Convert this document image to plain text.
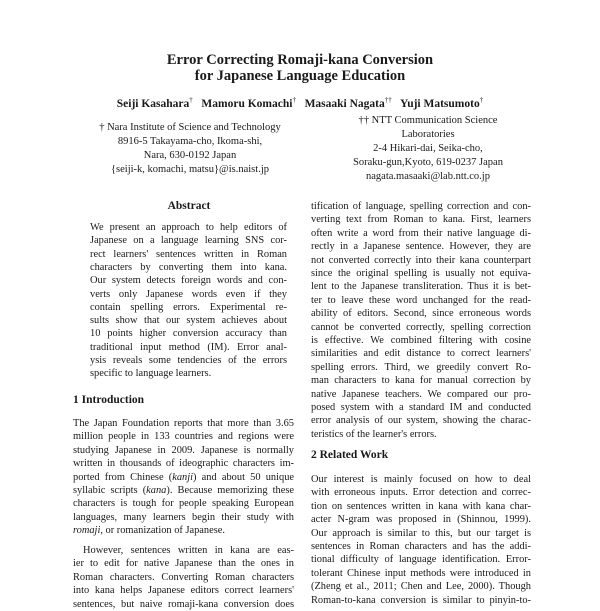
Error Correcting Romaji-kana Conversion
for Japanese Language Education
Seiji Kasahara† Mamoru Komachi† Masaaki Nagata†† Yuji Matsumoto†
† Nara Institute of Science and Technology
8916-5 Takayama-cho, Ikoma-shi,
Nara, 630-0192 Japan
{seiji-k, komachi, matsu}@is.naist.jp
†† NTT Communication Science
Laboratories
2-4 Hikari-dai, Seika-cho,
Soraku-gun,Kyoto, 619-0237 Japan
nagata.masaaki@lab.ntt.co.jp
Abstract
We present an approach to help editors of
Japanese on a language learning SNS cor-
rect learners' sentences written in Roman
characters by converting them into kana.
Our system detects foreign words and con-
verts only Japanese words even if they
contain spelling errors. Experimental re-
sults show that our system achieves about
10 points higher conversion accuracy than
traditional input method (IM). Error anal-
ysis reveals some tendencies of the errors
specific to language learners.
1 Introduction
The Japan Foundation reports that more than 3.65
million people in 133 countries and regions were
studying Japanese in 2009. Japanese is normally
written in thousands of ideographic characters im-
ported from Chinese (kanji) and about 50 unique
syllabic scripts (kana). Because memorizing these
characters is tough for people speaking European
languages, many learners begin their study with
romaji, or romanization of Japanese.
However, sentences written in kana are eas-
ier to edit for native Japanese than the ones in
Roman characters. Converting Roman characters
into kana helps Japanese editors correct learners'
sentences, but naive romaji-kana conversion does
tification of language, spelling correction and con-
verting text from Roman to kana. First, learners
often write a word from their native language di-
rectly in a Japanese sentence. However, they are
not converted correctly into their kana counterpart
since the original spelling is usually not equiva-
lent to the Japanese transliteration. Thus it is bet-
ter to leave these word unchanged for the read-
ability of editors. Second, since erroneous words
cannot be converted correctly, spelling correction
is effective. We combined filtering with cosine
similarities and edit distance to correct learners'
spelling errors. Third, we greedily convert Ro-
man characters to kana for manual correction by
native Japanese teachers. We compared our pro-
posed system with a standard IM and conducted
error analysis of our system, showing the charac-
teristics of the learner's errors.
2 Related Work
Our interest is mainly focused on how to deal
with erroneous inputs. Error detection and correc-
tion on sentences written in kana with kana char-
acter N-gram was proposed in (Shinnou, 1999).
Our approach is similar to this, but our target is
sentences in Roman characters and has the addi-
tional difficulty of language identification. Error-
tolerant Chinese input methods were introduced in
(Zheng et al., 2011; Chen and Lee, 2000). Though
Roman-to-kana conversion is similar to pinyin-to-
